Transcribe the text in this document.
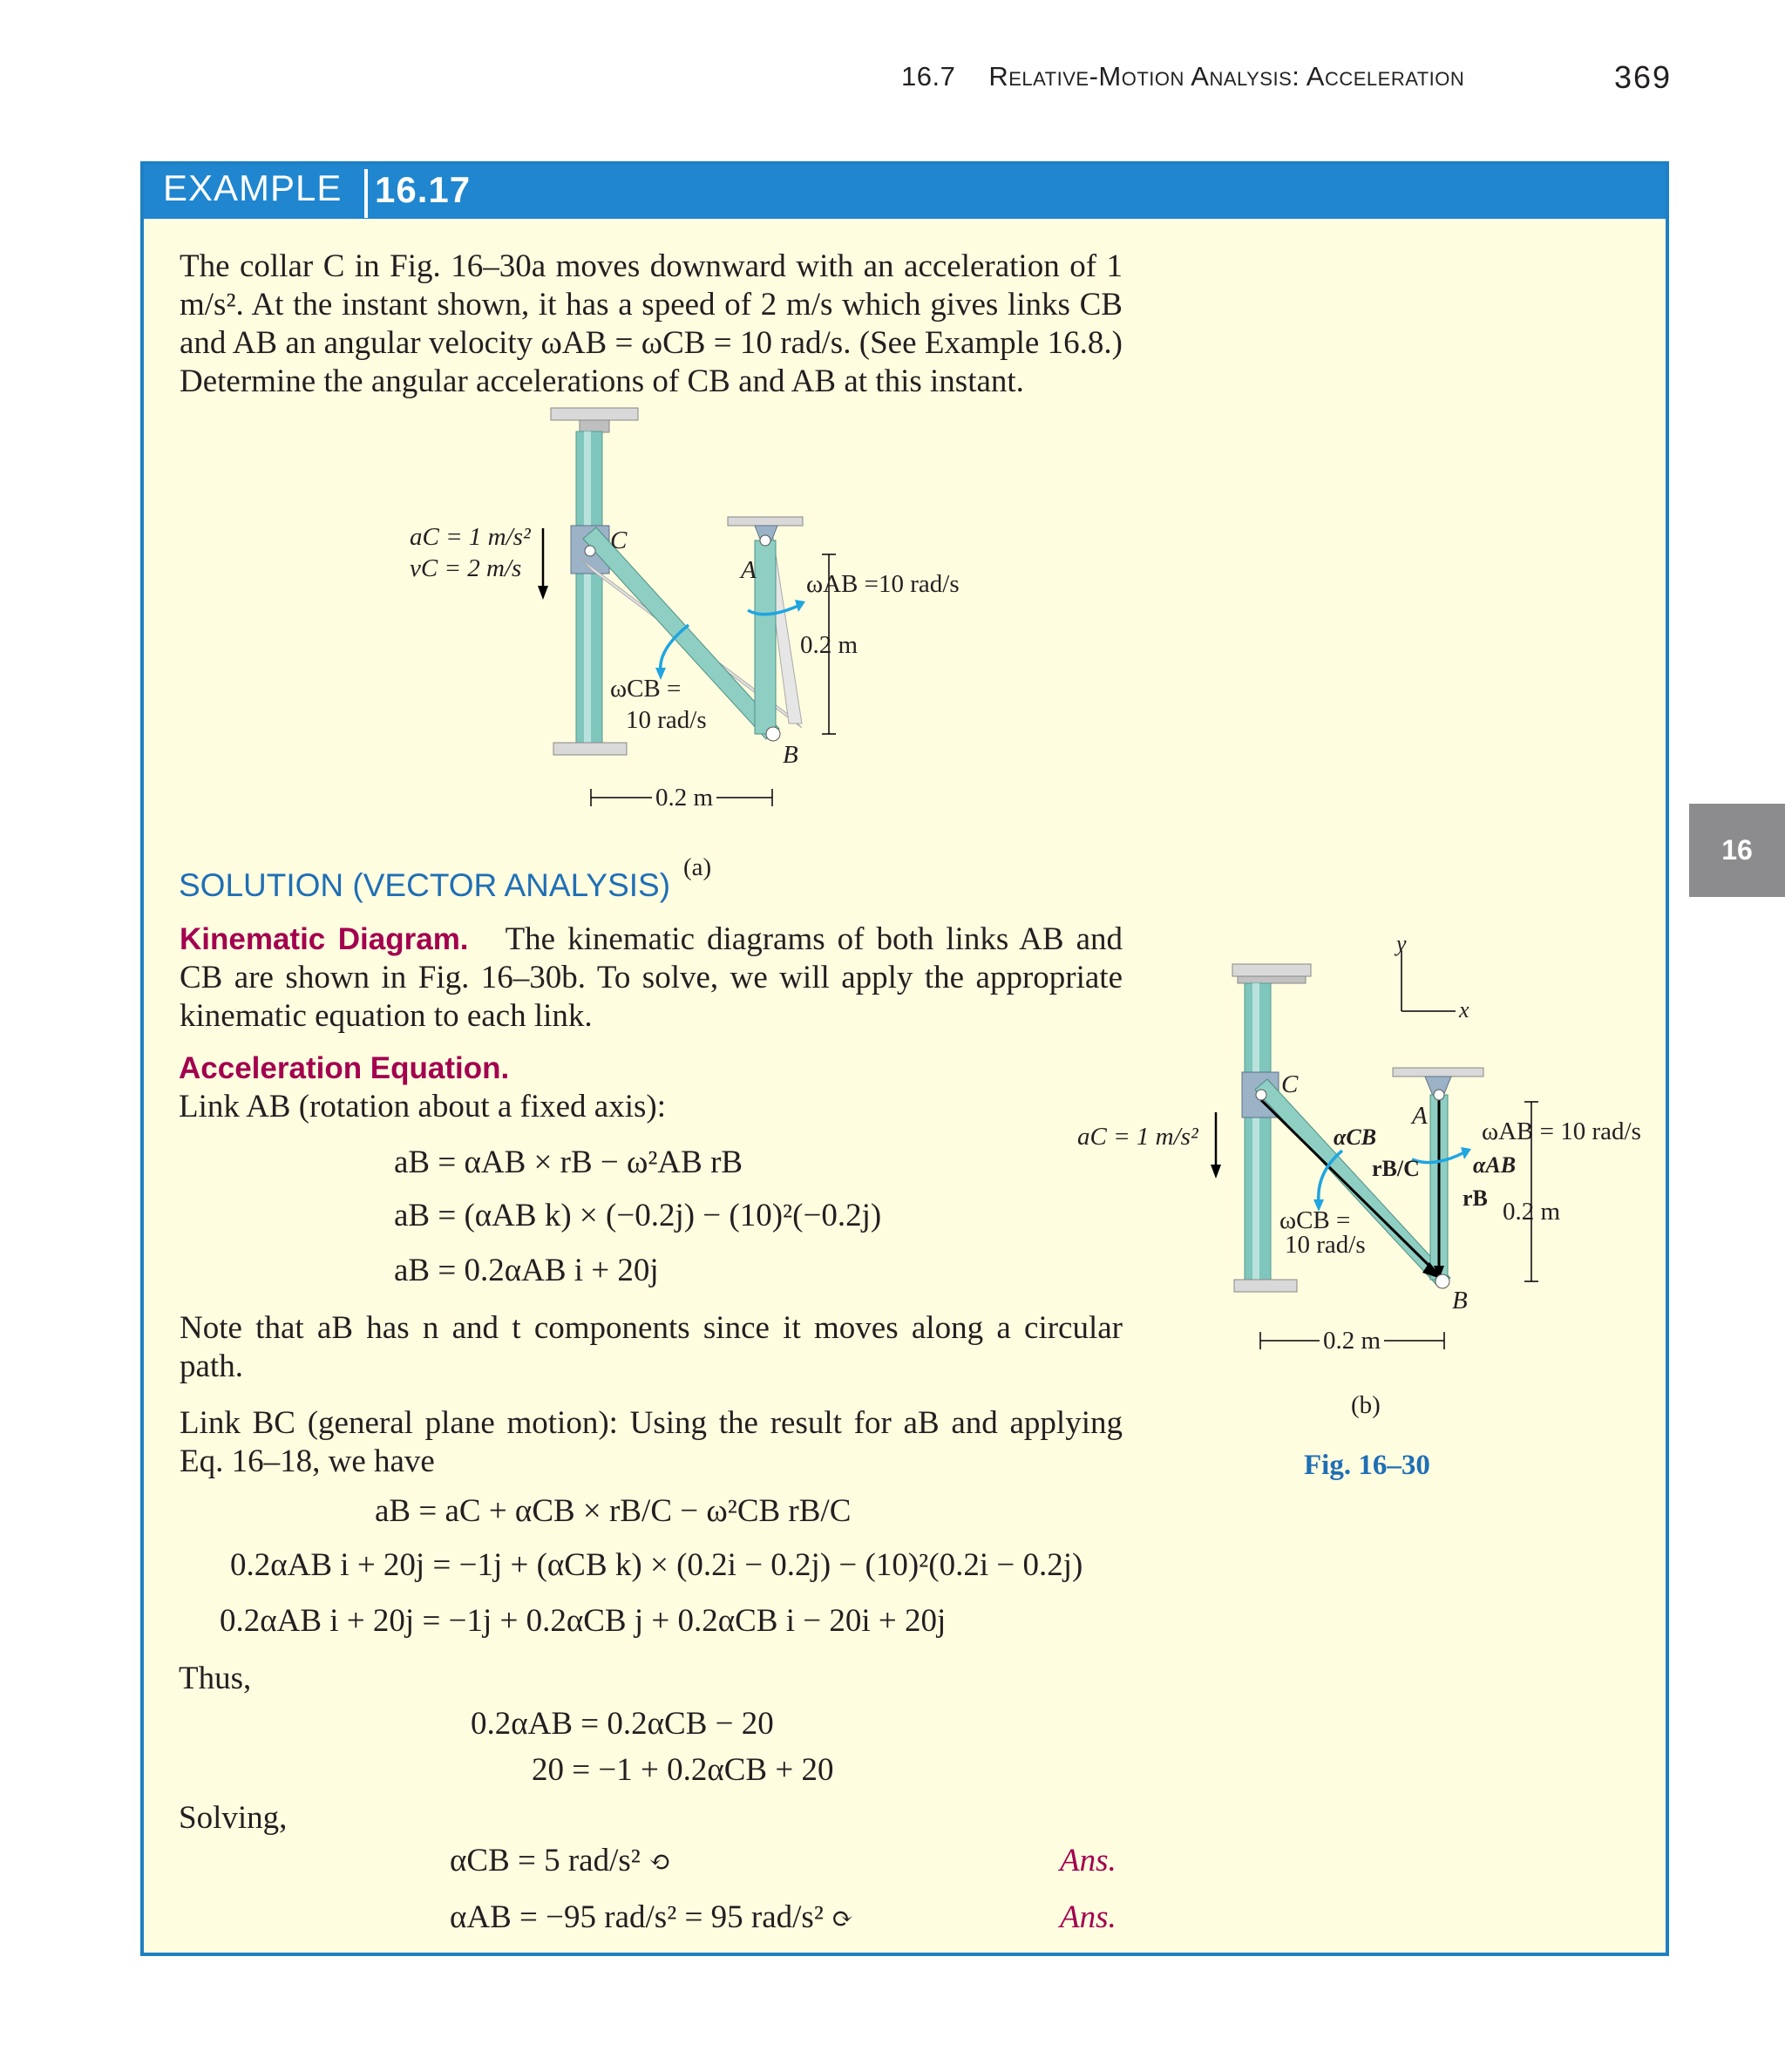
16.7 Relative-Motion Analysis: Acceleration	369
16
EXAMPLE 16.17

The collar C in Fig. 16–30a moves downward with an acceleration of 1 m/s². At the instant shown, it has a speed of 2 m/s which gives links CB and AB an angular velocity ωAB = ωCB = 10 rad/s. (See Example 16.8.) Determine the angular accelerations of CB and AB at this instant.

aC = 1 m/s²
vC = 2 m/s
C
A
B
ωAB =10 rad/s
0.2 m
ωCB =
10 rad/s
0.2 m
(a)
SOLUTION (VECTOR ANALYSIS)

Kinematic Diagram. The kinematic diagrams of both links AB and CB are shown in Fig. 16–30b. To solve, we will apply the appropriate kinematic equation to each link.

Acceleration Equation.
Link AB (rotation about a fixed axis):
aB = αAB × rB − ω²AB rB
aB = (αAB k) × (−0.2j) − (10)²(−0.2j)
aB = 0.2αAB i + 20j

Note that aB has n and t components since it moves along a circular path.

Link BC (general plane motion): Using the result for aB and applying Eq. 16–18, we have

aB = aC + αCB × rB/C − ω²CB rB/C
0.2αAB i + 20j = −1j + (αCB k) × (0.2i − 0.2j) − (10)²(0.2i − 0.2j)
0.2αAB i + 20j = −1j + 0.2αCB j + 0.2αCB i − 20i + 20j
Thus,
0.2αAB = 0.2αCB − 20
20 = −1 + 0.2αCB + 20
Solving,
αCB = 5 rad/s² ⟲	Ans.
αAB = −95 rad/s² = 95 rad/s² ⟳	Ans.
y
x
C
A
B
aC = 1 m/s²	αCB
rB/C
ωAB = 10 rad/s
αAB
rB 0.2 m
ωCB =
10 rad/s
0.2 m
(b)
Fig. 16–30
